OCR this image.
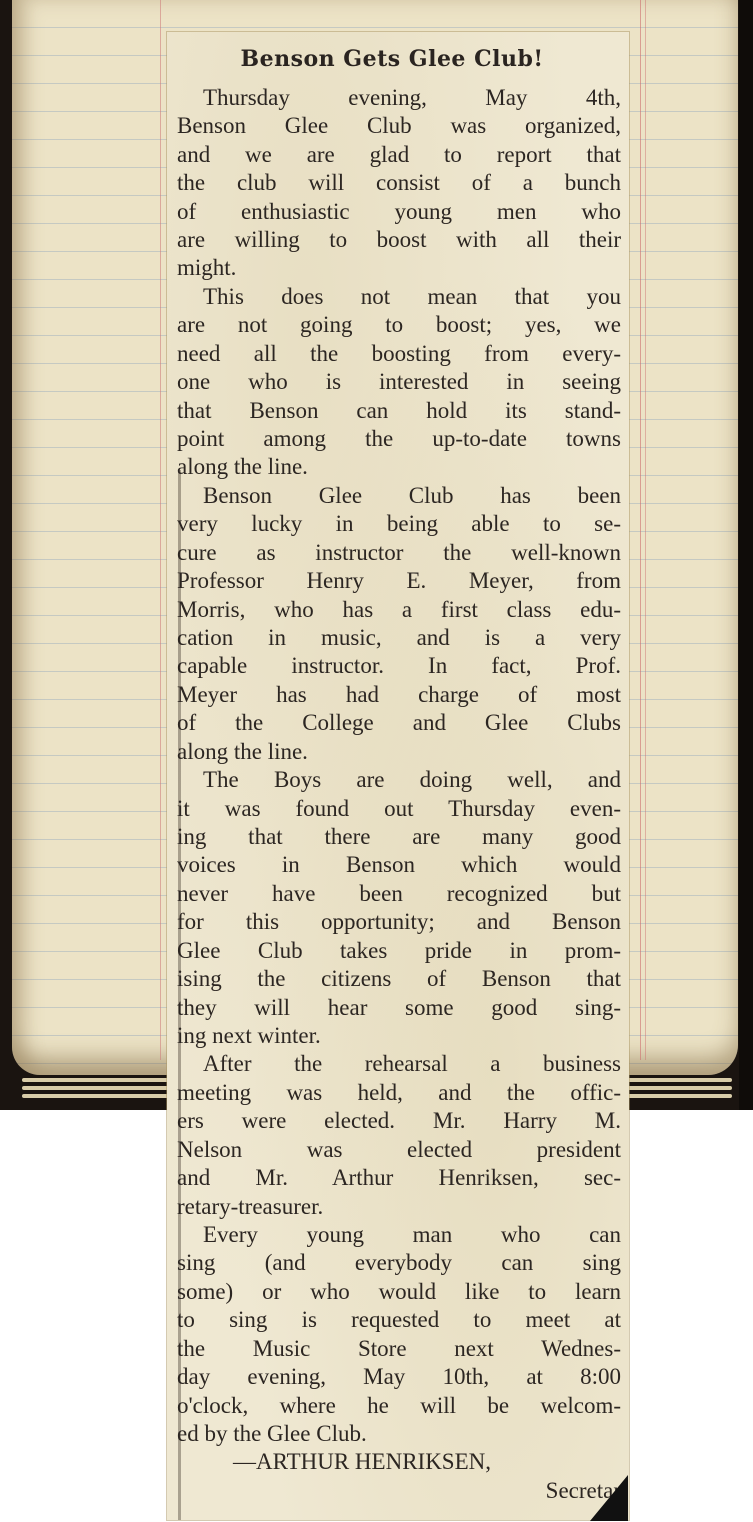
Benson Gets Glee Club!
Thursday evening, May 4th,
Benson Glee Club was organized,
and we are glad to report that
the club will consist of a bunch
of enthusiastic young men who
are willing to boost with all their
might.
This does not mean that you
are not going to boost; yes, we
need all the boosting from every-
one who is interested in seeing
that Benson can hold its stand-
point among the up-to-date towns
along the line.
Benson Glee Club has been
very lucky in being able to se-
cure as instructor the well-known
Professor Henry E. Meyer, from
Morris, who has a first class edu-
cation in music, and is a very
capable instructor. In fact, Prof.
Meyer has had charge of most
of the College and Glee Clubs
along the line.
The Boys are doing well, and
it was found out Thursday even-
ing that there are many good
voices in Benson which would
never have been recognized but
for this opportunity; and Benson
Glee Club takes pride in prom-
ising the citizens of Benson that
they will hear some good sing-
ing next winter.
After the rehearsal a business
meeting was held, and the offic-
ers were elected. Mr. Harry M.
Nelson was elected president
and Mr. Arthur Henriksen, sec-
retary-treasurer.
Every young man who can
sing (and everybody can sing
some) or who would like to learn
to sing is requested to meet at
the Music Store next Wednes-
day evening, May 10th, at 8:00
o'clock, where he will be welcom-
ed by the Glee Club.
—ARTHUR HENRIKSEN,
Secretar
